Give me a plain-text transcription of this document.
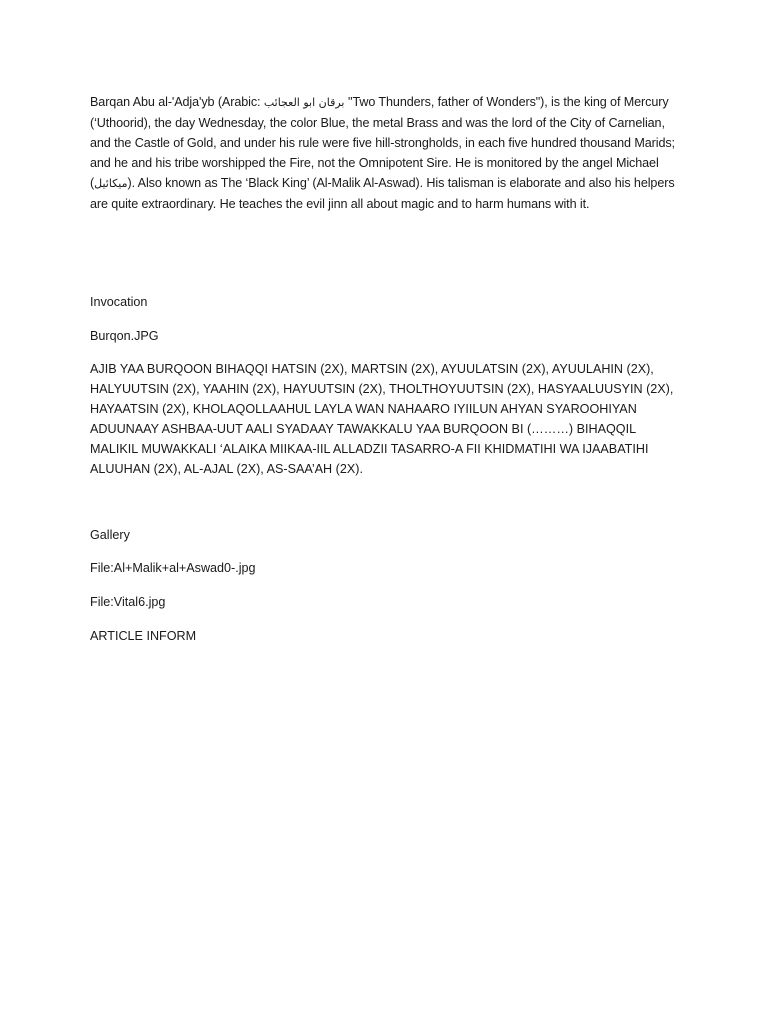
Barqan Abu al-'Adja'yb (Arabic: برقان ابو العجائب "Two Thunders, father of Wonders"), is the king of Mercury (‘Uthoorid), the day Wednesday, the color Blue, the metal Brass and was the lord of the City of Carnelian, and the Castle of Gold, and under his rule were five hill-strongholds, in each five hundred thousand Marids; and he and his tribe worshipped the Fire, not the Omnipotent Sire. He is monitored by the angel Michael (ميكائيل). Also known as The ‘Black King’ (Al-Malik Al-Aswad). His talisman is elaborate and also his helpers are quite extraordinary. He teaches the evil jinn all about magic and to harm humans with it.

Invocation

Burqon.JPG

AJIB YAA BURQOON BIHAQQI HATSIN (2X), MARTSIN (2X), AYUULATSIN (2X), AYUULAHIN (2X), HALYUUTSIN (2X), YAAHIN (2X), HAYUUTSIN (2X), THOLTHOYUUTSIN (2X), HASYAALUUSYIN (2X), HAYAATSIN (2X), KHOLAQOLLAAHUL LAYLA WAN NAHAARO IYIILUN AHYAN SYAROOHIYAN ADUUNAAY ASHBAA-UUT AALI SYADAAY TAWAKKALU YAA BURQOON BI (………) BIHAQQIL MALIKIL MUWAKKALI ‘ALAIKA MIIKAA-IIL ALLADZII TASARRO-A FII KHIDMATIHI WA IJAABATIHI ALUUHAN (2X), AL-AJAL (2X), AS-SAA’AH (2X).

Gallery

File:Al+Malik+al+Aswad0-.jpg

File:Vital6.jpg

ARTICLE INFORM
